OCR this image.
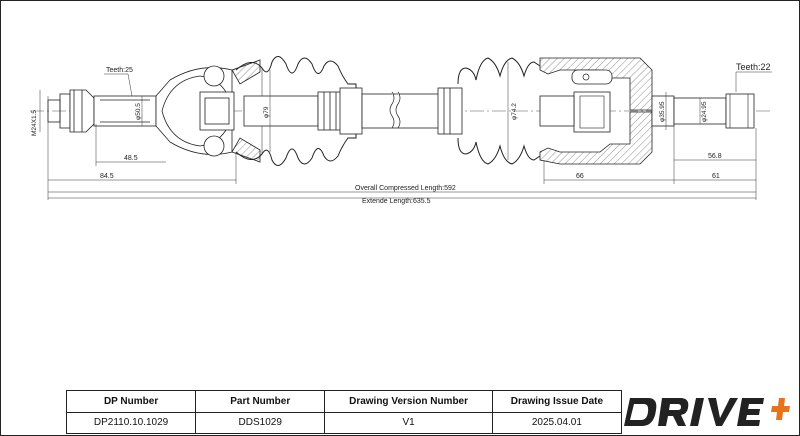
Teeth:25	Teeth:22
M24X1.5	φ50.5	φ79	φ74.2	φ35.95	φ24.95
48.5
84.5	66
56.8
61
Overall Compressed Length:592
Extende Length:635.5
DP Number	Part Number	Drawing Version Number	Drawing Issue Date
DP2110.10.1029	DDS1029	V1	2025.04.01
